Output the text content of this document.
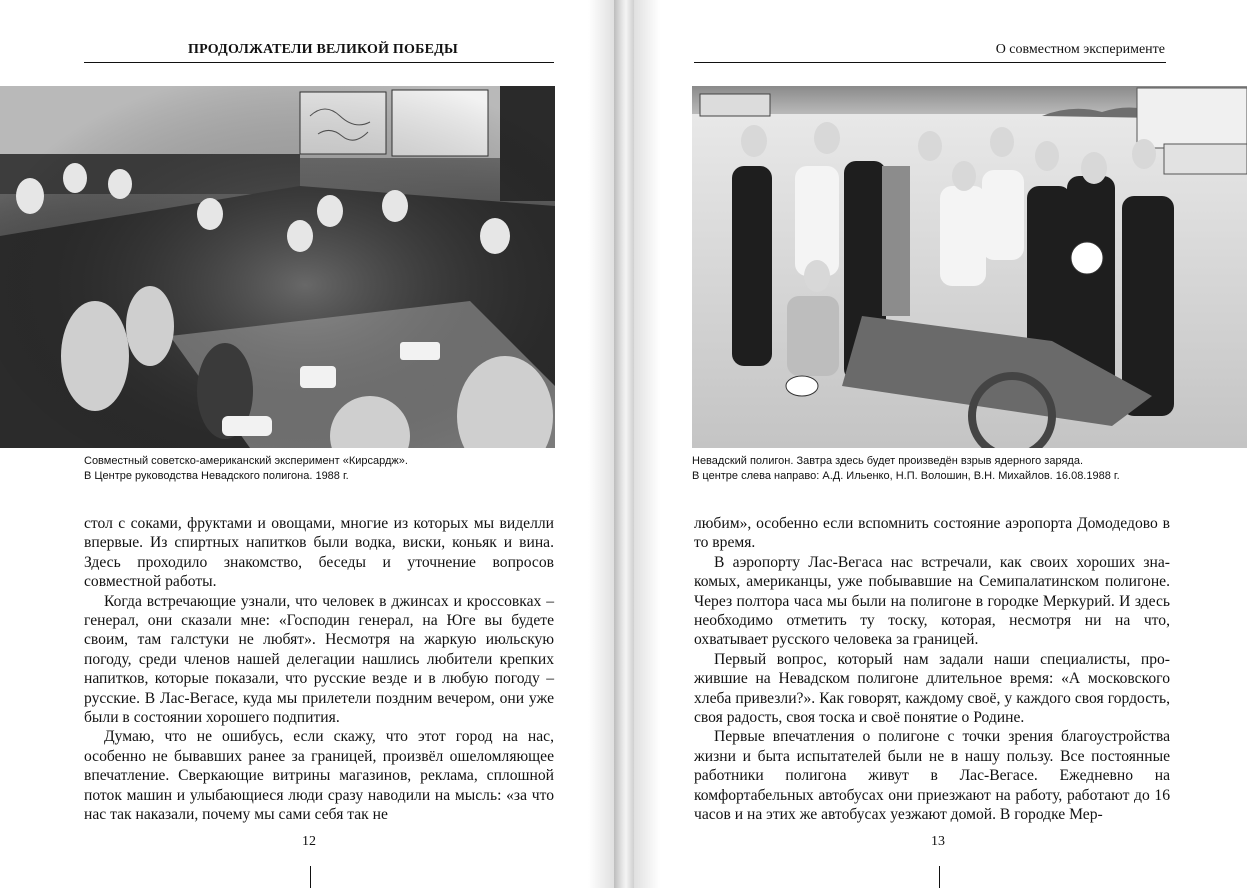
ПРОДОЛЖАТЕЛИ ВЕЛИКОЙ ПОБЕДЫ
Совместный советско-американский эксперимент «Кирсардж».
В Центре руководства Невадского полигона. 1988 г.

стол с соками, фруктами и овощами, многие из которых мы виделли впервые. Из спиртных напитков были водка, виски, коньяк и вина. Здесь проходило знакомство, беседы и уточнение вопросов совместной работы.

Когда встречающие узнали, что человек в джинсах и кроссовках – генерал, они сказали мне: «Господин генерал, на Юге вы будете своим, там галстуки не любят». Несмотря на жаркую июльскую погоду, среди членов нашей делегации нашлись любители крепких напитков, которые показали, что русские везде и в любую погоду – русские. В Лас-Вегасе, куда мы прилетели поздним вечером, они уже были в состоянии хорошего подпития.

Думаю, что не ошибусь, если скажу, что этот город на нас, особенно не бывавших ранее за границей, произвёл ошеломляющее впечатление. Сверкающие витрины магазинов, реклама, сплошной поток машин и улыбающиеся люди сразу наводили на мысль: «за что нас так наказали, почему мы сами себя так не

12
О совместном эксперименте
Невадский полигон. Завтра здесь будет произведён взрыв ядерного заряда.
В центре слева направо: А.Д. Ильенко, Н.П. Волошин, В.Н. Михайлов. 16.08.1988 г.

любим», особенно если вспомнить состояние аэропорта Домодедово в то время.

В аэропорту Лас-Вегаса нас встречали, как своих хороших знакомых, американцы, уже побывавшие на Семипалатинском полигоне. Через полтора часа мы были на полигоне в городке Меркурий. И здесь необходимо отметить ту тоску, которая, несмотря ни на что, охватывает русского человека за границей.

Первый вопрос, который нам задали наши специалисты, прожившие на Невадском полигоне длительное время: «А московского хлеба привезли?». Как говорят, каждому своё, у каждого своя гордость, своя радость, своя тоска и своё понятие о Родине.

Первые впечатления о полигоне с точки зрения благоустройства жизни и быта испытателей были не в нашу пользу. Все постоянные работники полигона живут в Лас-Вегасе. Ежедневно на комфортабельных автобусах они приезжают на работу, работают до 16 часов и на этих же автобусах уезжают домой. В городке Мер-

13
